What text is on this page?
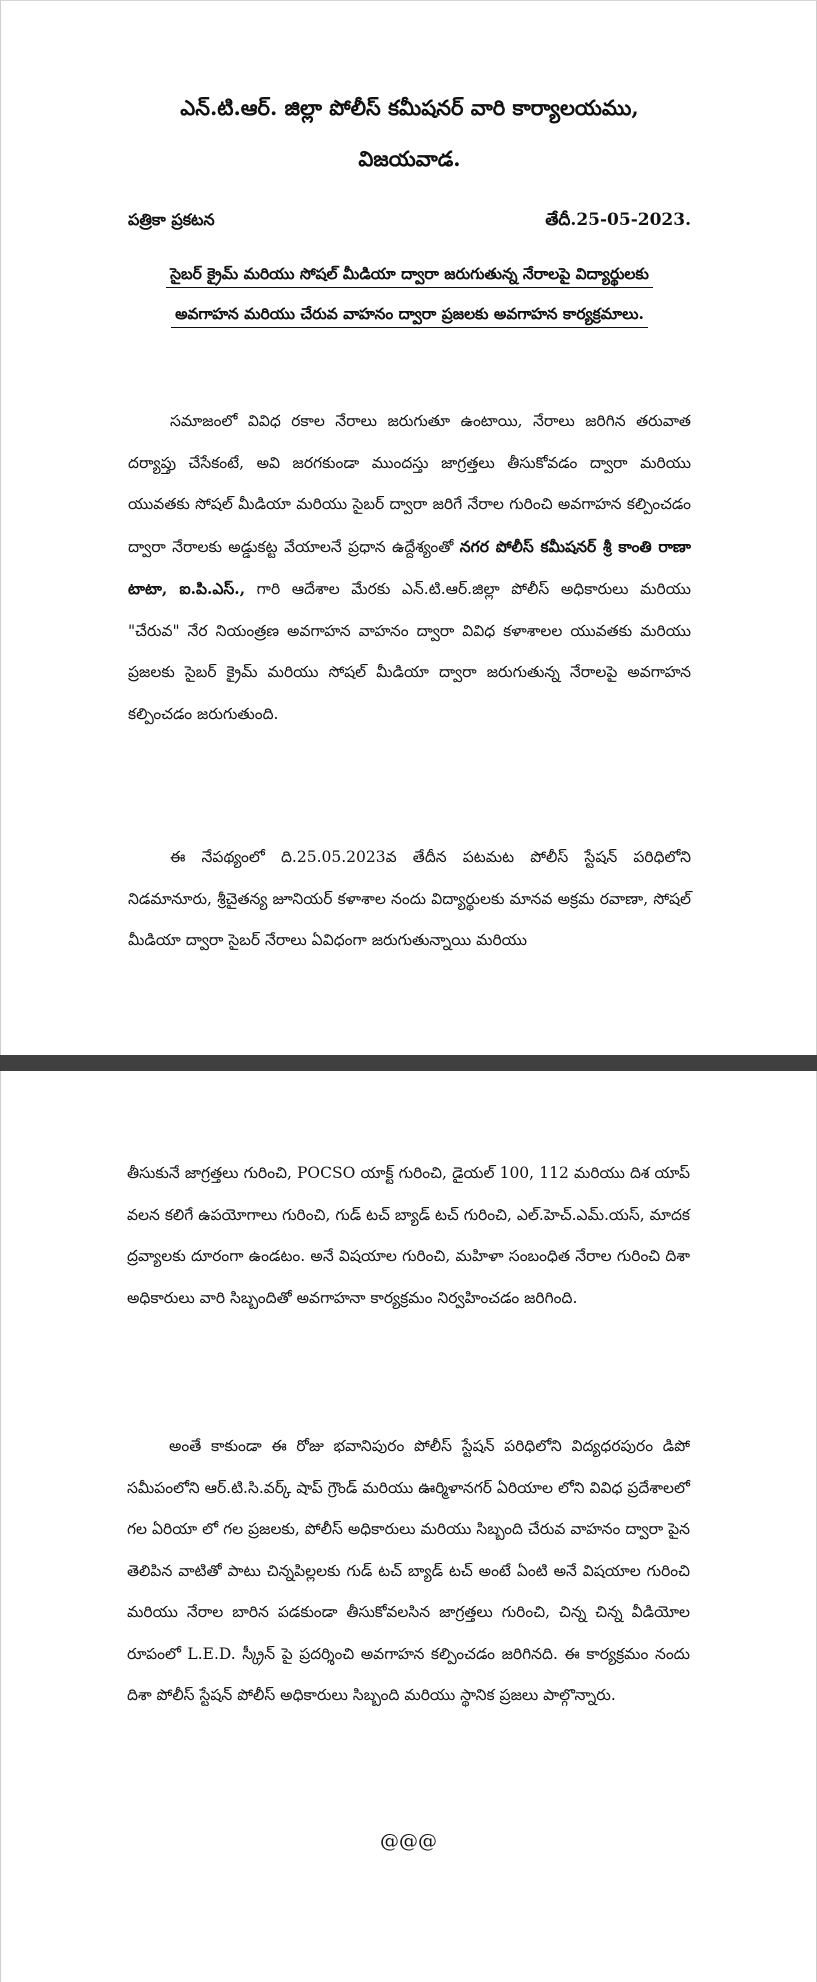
ఎన్.టి.ఆర్. జిల్లా పోలీస్ కమీషనర్ వారి కార్యాలయము,
విజయవాడ.
పత్రికా ప్రకటన	తేదీ.25-05-2023.
సైబర్ క్రైమ్ మరియు సోషల్ మీడియా ద్వారా జరుగుతున్న నేరాలపై విద్యార్థులకు
అవగాహన మరియు చేరువ వాహనం ద్వారా ప్రజలకు అవగాహన కార్యక్రమాలు.

సమాజంలో వివిధ రకాల నేరాలు జరుగుతూ ఉంటాయి, నేరాలు జరిగిన తరువాత దర్యాప్తు చేసేకంటే, అవి జరగకుండా ముందస్తు జాగ్రత్తలు తీసుకోవడం ద్వారా మరియు యువతకు సోషల్ మీడియా మరియు సైబర్ ద్వారా జరిగే నేరాల గురించి అవగాహన కల్పించడం ద్వారా నేరాలకు అడ్డుకట్ట వేయాలనే ప్రధాన ఉద్దేశ్యంతో నగర పోలీస్ కమీషనర్ శ్రీ కాంతి రాణా టాటా, ఐ.పి.ఎస్., గారి ఆదేశాల మేరకు ఎన్.టి.ఆర్.జిల్లా పోలీస్ అధికారులు మరియు "చేరువ" నేర నియంత్రణ అవగాహన వాహనం ద్వారా వివిధ కళాశాలల యువతకు మరియు ప్రజలకు సైబర్ క్రైమ్ మరియు సోషల్ మీడియా ద్వారా జరుగుతున్న నేరాలపై అవగాహన కల్పించడం జరుగుతుంది.

ఈ నేపథ్యంలో ది.25.05.2023వ తేదీన పటమట పోలీస్ స్టేషన్ పరిధిలోని నిడమానూరు, శ్రీచైతన్య జూనియర్ కళాశాల నందు విద్యార్థులకు మానవ అక్రమ రవాణా, సోషల్ మీడియా ద్వారా సైబర్ నేరాలు ఏవిధంగా జరుగుతున్నాయి మరియు

తీసుకునే జాగ్రత్తలు గురించి, POCSO యాక్ట్ గురించి, డైయల్ 100, 112 మరియు దిశ యాప్ వలన కలిగే ఉపయోగాలు గురించి, గుడ్ టచ్ బ్యాడ్ టచ్ గురించి, ఎల్.హెచ్.ఎమ్.యస్, మాదక ద్రవ్యాలకు దూరంగా ఉండటం. అనే విషయాల గురించి, మహిళా సంబంధిత నేరాల గురించి దిశా అధికారులు వారి సిబ్బందితో అవగాహనా కార్యక్రమం నిర్వహించడం జరిగింది.

అంతే కాకుండా ఈ రోజు భవానిపురం పోలీస్ స్టేషన్ పరిధిలోని విద్యధరపురం డిపో సమీపంలోని ఆర్.టి.సి.వర్క్ షాప్ గ్రౌండ్ మరియు ఊర్మిళానగర్ ఏరియాల లోని వివిధ ప్రదేశాలలో గల ఏరియా లో గల ప్రజలకు, పోలీస్ అధికారులు మరియు సిబ్బంది చేరువ వాహనం ద్వారా పైన తెలిపిన వాటితో పాటు చిన్నపిల్లలకు గుడ్ టచ్ బ్యాడ్ టచ్ అంటే ఏంటి అనే విషయాల గురించి మరియు నేరాల బారిన పడకుండా తీసుకోవలసిన జాగ్రత్తలు గురించి, చిన్న చిన్న వీడియోల రూపంలో L.E.D. స్క్రీన్ పై ప్రదర్శించి అవగాహన కల్పించడం జరిగినది. ఈ కార్యక్రమం నందు దిశా పోలీస్ స్టేషన్ పోలీస్ అధికారులు సిబ్బంది మరియు స్థానిక ప్రజలు పాల్గొన్నారు.

@@@
